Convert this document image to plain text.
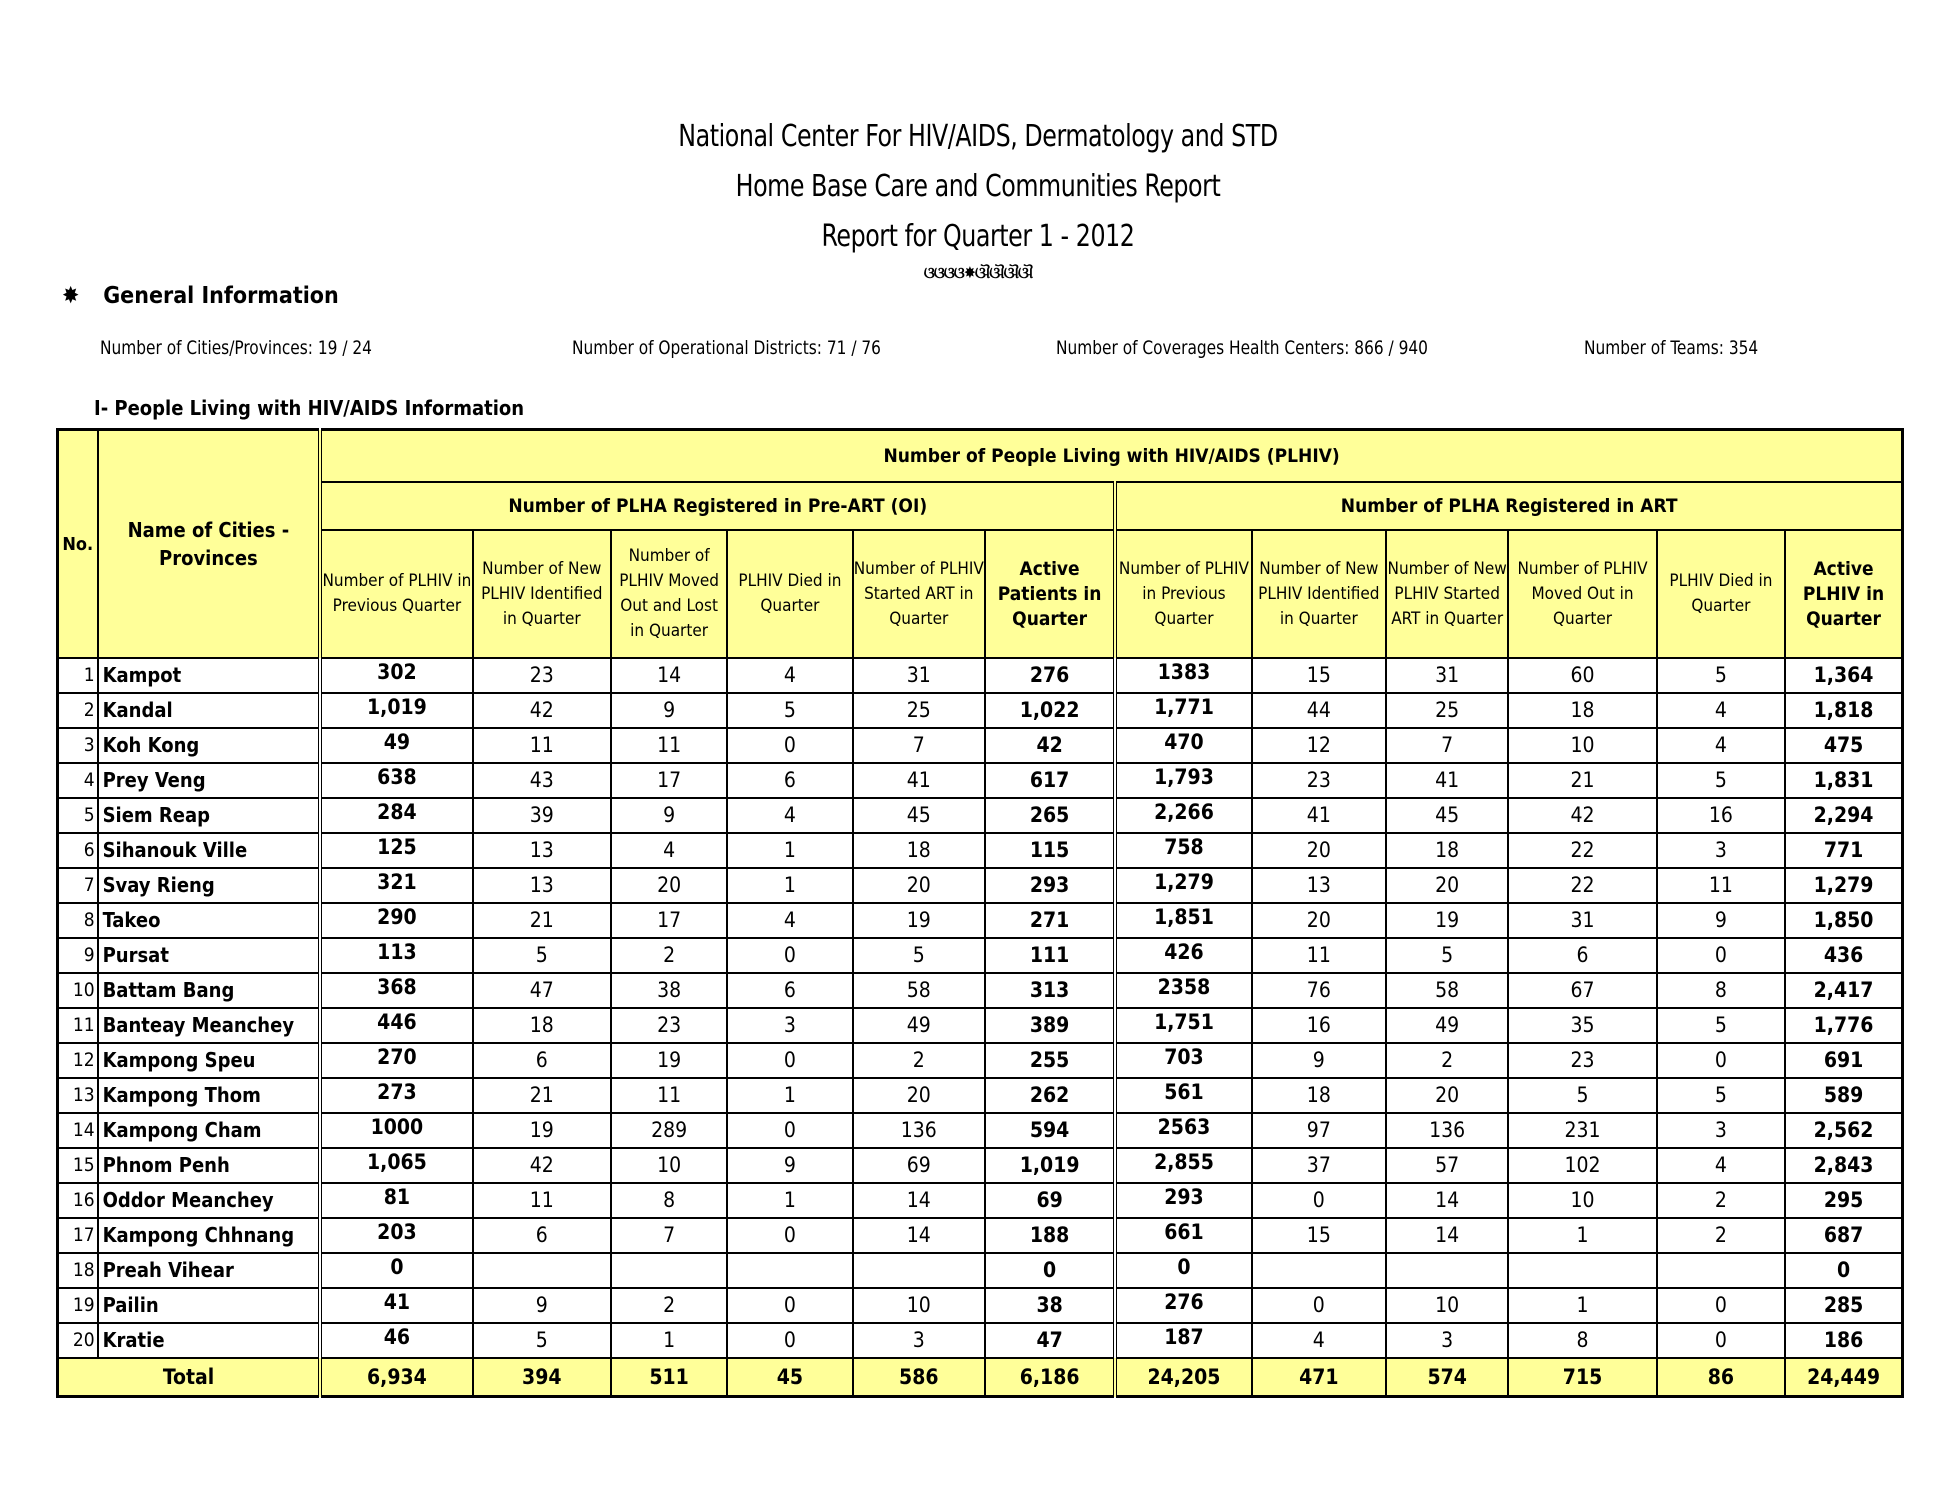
National Center For HIV/AIDS, Dermatology and STD
Home Base Care and Communities Report
Report for Quarter 1 - 2012
ଓଓଓଓ✸ଔଔଔଔ
✸ General Information
Number of Cities/Provinces: 19 / 24	Number of Operational Districts: 71 / 76	Number of Coverages Health Centers: 866 / 940	Number of Teams: 354
I- People Living with HIV/AIDS Information
No.	Name of Cities - Provinces	Number of People Living with HIV/AIDS (PLHIV)											
		Number of PLHA Registered in Pre-ART (OI)						Number of PLHA Registered in ART					
		Number of PLHIV in Previous Quarter	Number of New PLHIV Identified in Quarter	Number of PLHIV Moved Out and Lost in Quarter	PLHIV Died in Quarter	Number of PLHIV Started ART in Quarter	Active Patients in Quarter	Number of PLHIV in Previous Quarter	Number of New PLHIV Identified in Quarter	Number of New PLHIV Started ART in Quarter	Number of PLHIV Moved Out in Quarter	PLHIV Died in Quarter	Active PLHIV in Quarter
1	Kampot	302	23	14	4	31	276	1383	15	31	60	5	1,364
2	Kandal	1,019	42	9	5	25	1,022	1,771	44	25	18	4	1,818
3	Koh Kong	49	11	11	0	7	42	470	12	7	10	4	475
4	Prey Veng	638	43	17	6	41	617	1,793	23	41	21	5	1,831
5	Siem Reap	284	39	9	4	45	265	2,266	41	45	42	16	2,294
6	Sihanouk Ville	125	13	4	1	18	115	758	20	18	22	3	771
7	Svay Rieng	321	13	20	1	20	293	1,279	13	20	22	11	1,279
8	Takeo	290	21	17	4	19	271	1,851	20	19	31	9	1,850
9	Pursat	113	5	2	0	5	111	426	11	5	6	0	436
10	Battam Bang	368	47	38	6	58	313	2358	76	58	67	8	2,417
11	Banteay Meanchey	446	18	23	3	49	389	1,751	16	49	35	5	1,776
12	Kampong Speu	270	6	19	0	2	255	703	9	2	23	0	691
13	Kampong Thom	273	21	11	1	20	262	561	18	20	5	5	589
14	Kampong Cham	1000	19	289	0	136	594	2563	97	136	231	3	2,562
15	Phnom Penh	1,065	42	10	9	69	1,019	2,855	37	57	102	4	2,843
16	Oddor Meanchey	81	11	8	1	14	69	293	0	14	10	2	295
17	Kampong Chhnang	203	6	7	0	14	188	661	15	14	1	2	687
18	Preah Vihear	0					0	0					0
19	Pailin	41	9	2	0	10	38	276	0	10	1	0	285
20	Kratie	46	5	1	0	3	47	187	4	3	8	0	186
Total		6,934	394	511	45	586	6,186	24,205	471	574	715	86	24,449
